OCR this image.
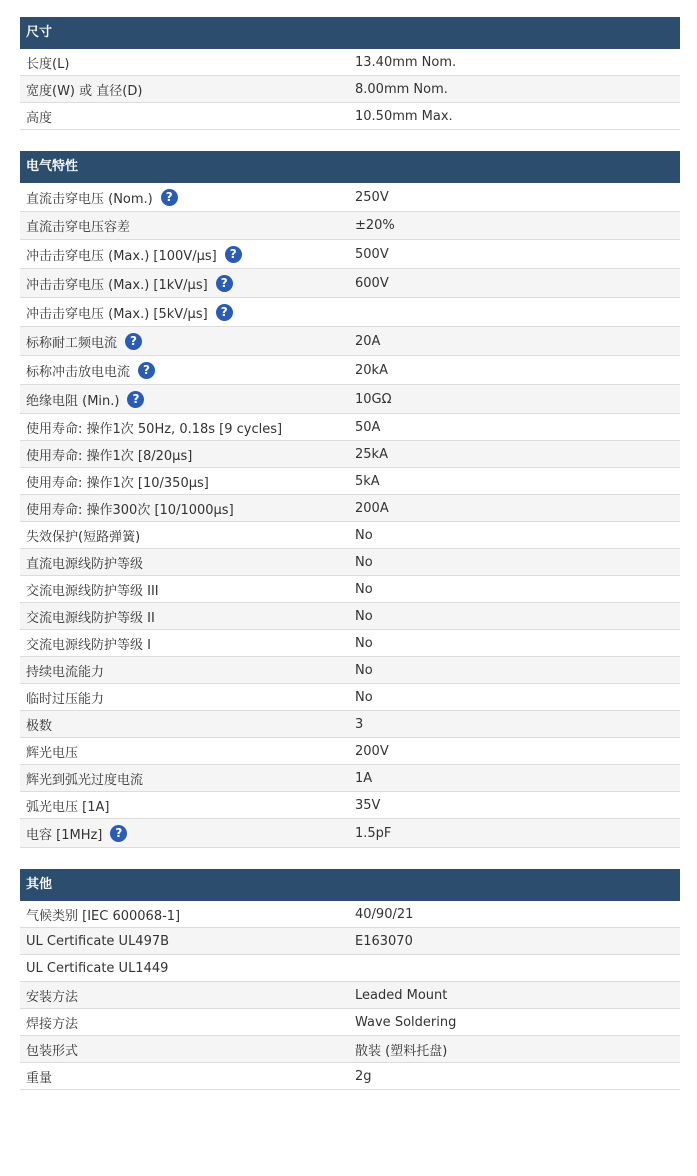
尺寸
长度(L)	13.40mm Nom.
宽度(W) 或 直径(D)	8.00mm Nom.
高度	10.50mm Max.
电气特性
直流击穿电压 (Nom.)	?	250V
直流击穿电压容差	±20%
冲击击穿电压 (Max.) [100V/μs]	?	500V
冲击击穿电压 (Max.) [1kV/μs]	?	600V
冲击击穿电压 (Max.) [5kV/μs]	?
标称耐工频电流	?	20A
标称冲击放电电流	?	20kA
绝缘电阻 (Min.)	?	10GΩ
使用寿命: 操作1次 50Hz, 0.18s [9 cycles]	50A
使用寿命: 操作1次 [8/20μs]	25kA
使用寿命: 操作1次 [10/350μs]	5kA
使用寿命: 操作300次 [10/1000μs]	200A
失效保护(短路弹簧)	No
直流电源线防护等级	No
交流电源线防护等级 III	No
交流电源线防护等级 II	No
交流电源线防护等级 I	No
持续电流能力	No
临时过压能力	No
极数	3
辉光电压	200V
辉光到弧光过度电流	1A
弧光电压 [1A]	35V
电容 [1MHz]	?	1.5pF
其他
气候类别 [IEC 600068-1]	40/90/21
UL Certificate UL497B	E163070
UL Certificate UL1449
安装方法	Leaded Mount
焊接方法	Wave Soldering
包装形式	散装 (塑料托盘)
重量	2g
